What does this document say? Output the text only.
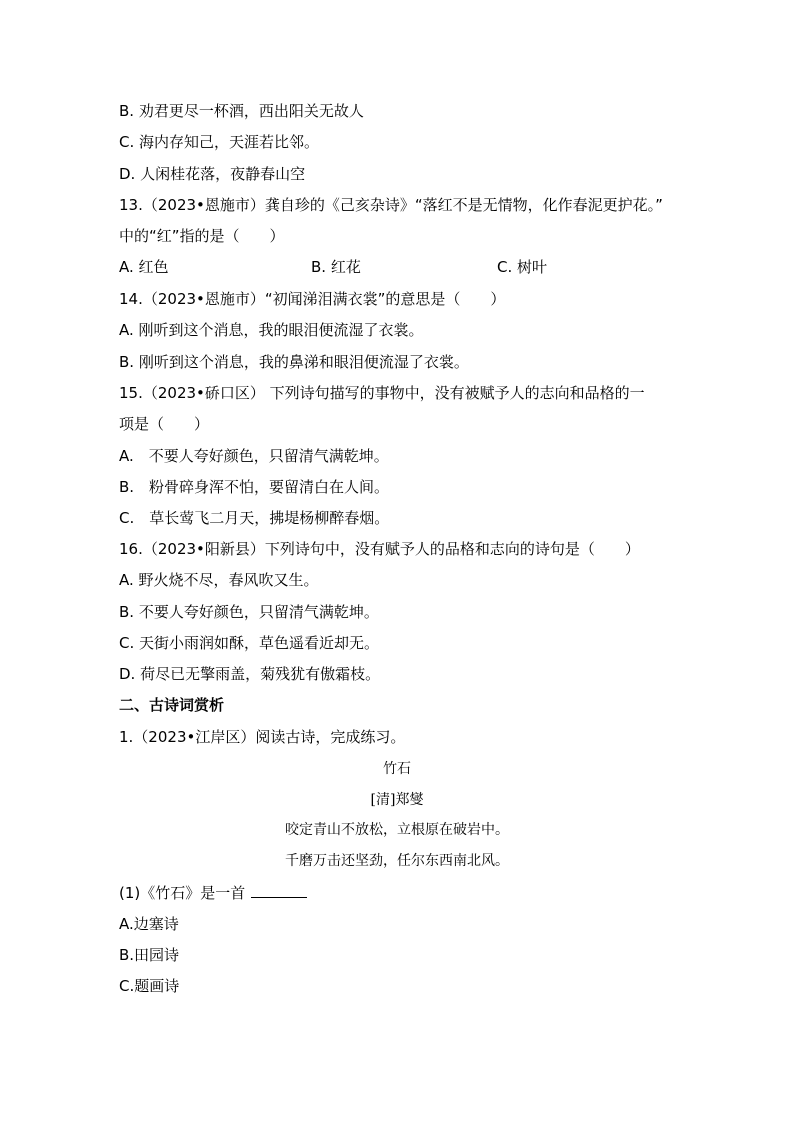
B. 劝君更尽一杯酒，西出阳关无故人
C. 海内存知己，天涯若比邻。
D. 人闲桂花落，夜静春山空
13.（2023•恩施市）龚自珍的《己亥杂诗》“落红不是无情物，化作春泥更护花。”
中的“红”指的是（　　）
A. 红色	B. 红花	C. 树叶
14.（2023•恩施市）“初闻涕泪满衣裳”的意思是（　　）
A. 刚听到这个消息，我的眼泪便流湿了衣裳。
B. 刚听到这个消息，我的鼻涕和眼泪便流湿了衣裳。
15.（2023•硚口区） 下列诗句描写的事物中，没有被赋予人的志向和品格的一
项是（　　）
A.　不要人夸好颜色，只留清气满乾坤。
B.　粉骨碎身浑不怕，要留清白在人间。
C.　草长莺飞二月天，拂堤杨柳醉春烟。
16.（2023•阳新县）下列诗句中，没有赋予人的品格和志向的诗句是（　　）
A. 野火烧不尽，春风吹又生。
B. 不要人夸好颜色，只留清气满乾坤。
C. 天街小雨润如酥，草色遥看近却无。
D. 荷尽已无擎雨盖，菊残犹有傲霜枝。
二、古诗词赏析
1.（2023•江岸区）阅读古诗，完成练习。
竹石
[清]郑燮
咬定青山不放松，立根原在破岩中。
千磨万击还坚劲，任尔东西南北风。
(1)《竹石》是一首
A.边塞诗
B.田园诗
C.题画诗
